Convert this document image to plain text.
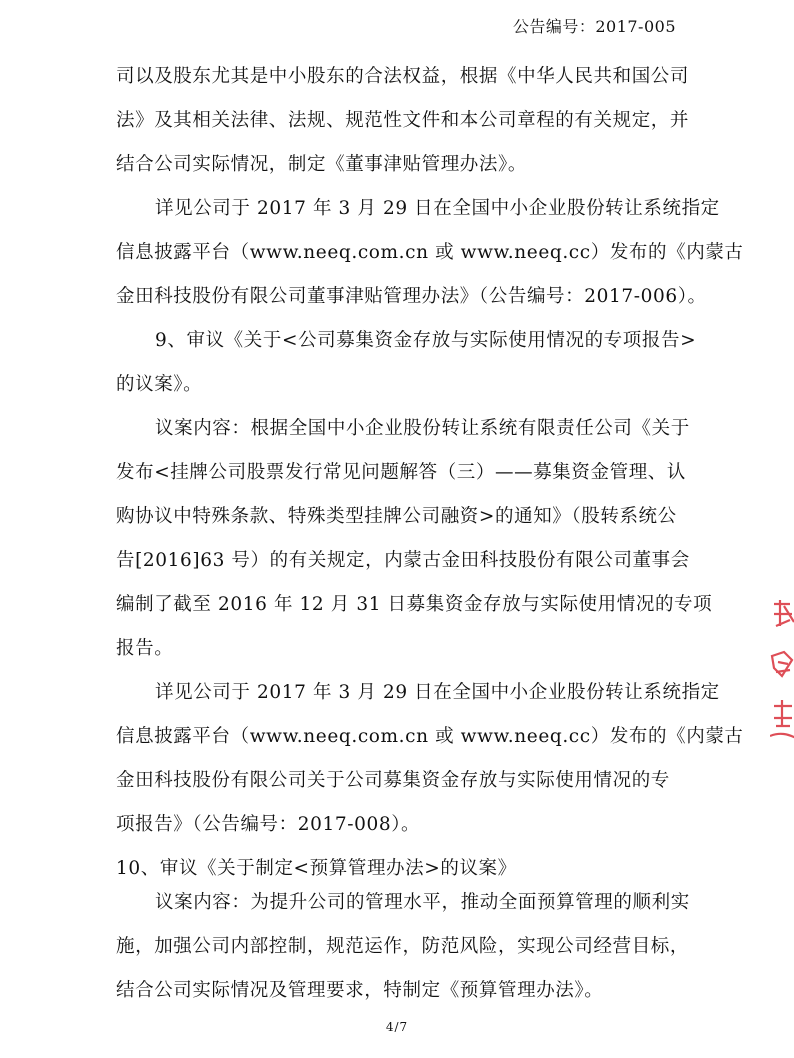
公告编号：2017-005
司以及股东尤其是中小股东的合法权益，根据《中华人民共和国公司
法》及其相关法律、法规、规范性文件和本公司章程的有关规定，并
结合公司实际情况，制定《董事津贴管理办法》。
详见公司于 2017 年 3 月 29 日在全国中小企业股份转让系统指定
信息披露平台（www.neeq.com.cn 或 www.neeq.cc）发布的《内蒙古
金田科技股份有限公司董事津贴管理办法》（公告编号：2017-006）。
9、审议《关于<公司募集资金存放与实际使用情况的专项报告>
的议案》。
议案内容：根据全国中小企业股份转让系统有限责任公司《关于
发布<挂牌公司股票发行常见问题解答（三）——募集资金管理、认
购协议中特殊条款、特殊类型挂牌公司融资>的通知》（股转系统公
告[2016]63 号）的有关规定，内蒙古金田科技股份有限公司董事会
编制了截至 2016 年 12 月 31 日募集资金存放与实际使用情况的专项
报告。
详见公司于 2017 年 3 月 29 日在全国中小企业股份转让系统指定
信息披露平台（www.neeq.com.cn 或 www.neeq.cc）发布的《内蒙古
金田科技股份有限公司关于公司募集资金存放与实际使用情况的专
项报告》（公告编号：2017-008）。
10、审议《关于制定<预算管理办法>的议案》
议案内容：为提升公司的管理水平，推动全面预算管理的顺利实
施，加强公司内部控制，规范运作，防范风险，实现公司经营目标，
结合公司实际情况及管理要求，特制定《预算管理办法》。
4/7
